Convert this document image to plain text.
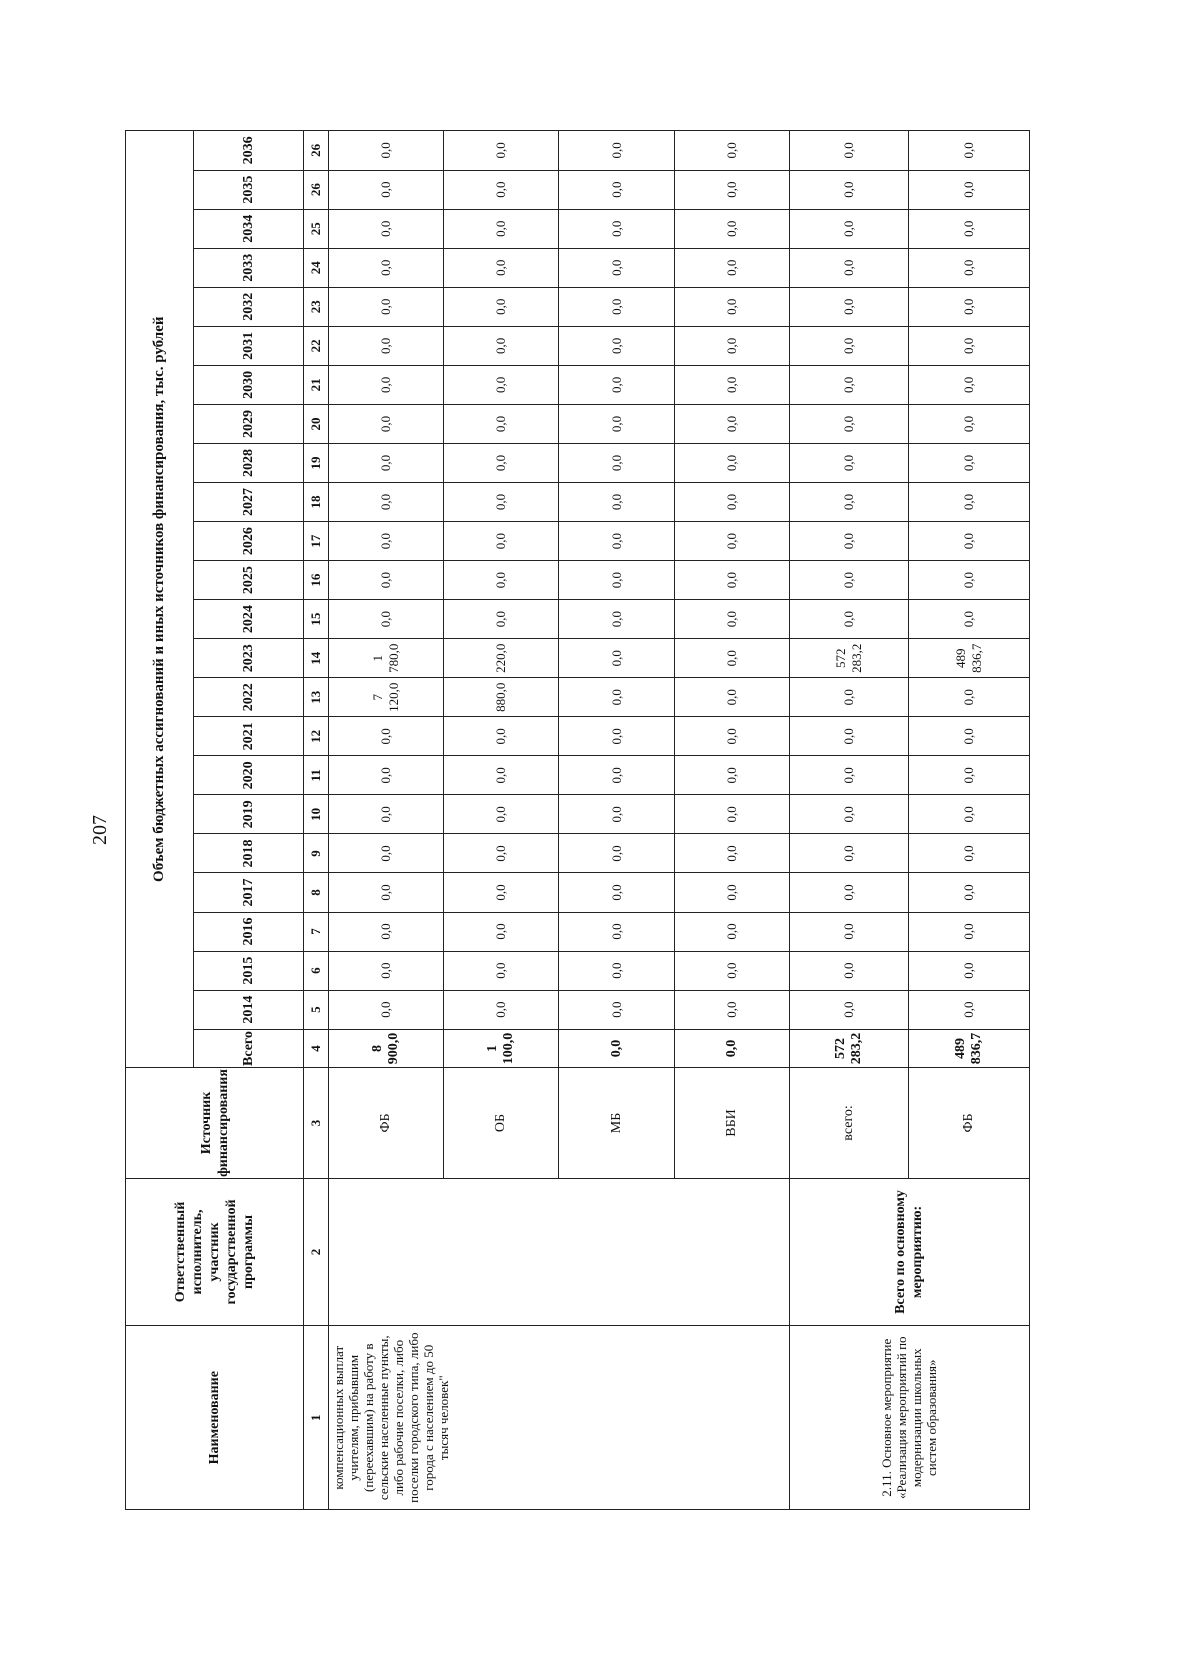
207
Наименование	Ответственный исполнитель, участник государственной программы	Источник финансирования	Объем бюджетных ассигнований и иных источников финансирования, тыс. рублей																							
			Всего	2014	2015	2016	2017	2018	2019	2020	2021	2022	2023	2024	2025	2026	2027	2028	2029	2030	2031	2032	2033	2034	2035	2036
1	2	3	4	5	6	7	8	9	10	11	12	13	14	15	16	17	18	19	20	21	22	23	24	25	26	26
компенсационных выплат учителям, прибывшим (переехавшим) на работу в сельские населенные пункты, либо рабочие поселки, либо поселки городского типа, либо города с населением до 50 тысяч человек"		ФБ	8 900,0	0,0	0,0	0,0	0,0	0,0	0,0	0,0	0,0	7 120,0	1 780,0	0,0	0,0	0,0	0,0	0,0	0,0	0,0	0,0	0,0	0,0	0,0	0,0	0,0
		ОБ	1 100,0	0,0	0,0	0,0	0,0	0,0	0,0	0,0	0,0	880,0	220,0	0,0	0,0	0,0	0,0	0,0	0,0	0,0	0,0	0,0	0,0	0,0	0,0	0,0
		МБ	0,0	0,0	0,0	0,0	0,0	0,0	0,0	0,0	0,0	0,0	0,0	0,0	0,0	0,0	0,0	0,0	0,0	0,0	0,0	0,0	0,0	0,0	0,0	0,0
		ВБИ	0,0	0,0	0,0	0,0	0,0	0,0	0,0	0,0	0,0	0,0	0,0	0,0	0,0	0,0	0,0	0,0	0,0	0,0	0,0	0,0	0,0	0,0	0,0	0,0
2.11. Основное мероприятие «Реализация мероприятий по модернизации школьных систем образования»	Всего по основному мероприятию:	всего:	572 283,2	0,0	0,0	0,0	0,0	0,0	0,0	0,0	0,0	0,0	572 283,2	0,0	0,0	0,0	0,0	0,0	0,0	0,0	0,0	0,0	0,0	0,0	0,0	0,0
		ФБ	489 836,7	0,0	0,0	0,0	0,0	0,0	0,0	0,0	0,0	0,0	489 836,7	0,0	0,0	0,0	0,0	0,0	0,0	0,0	0,0	0,0	0,0	0,0	0,0	0,0
